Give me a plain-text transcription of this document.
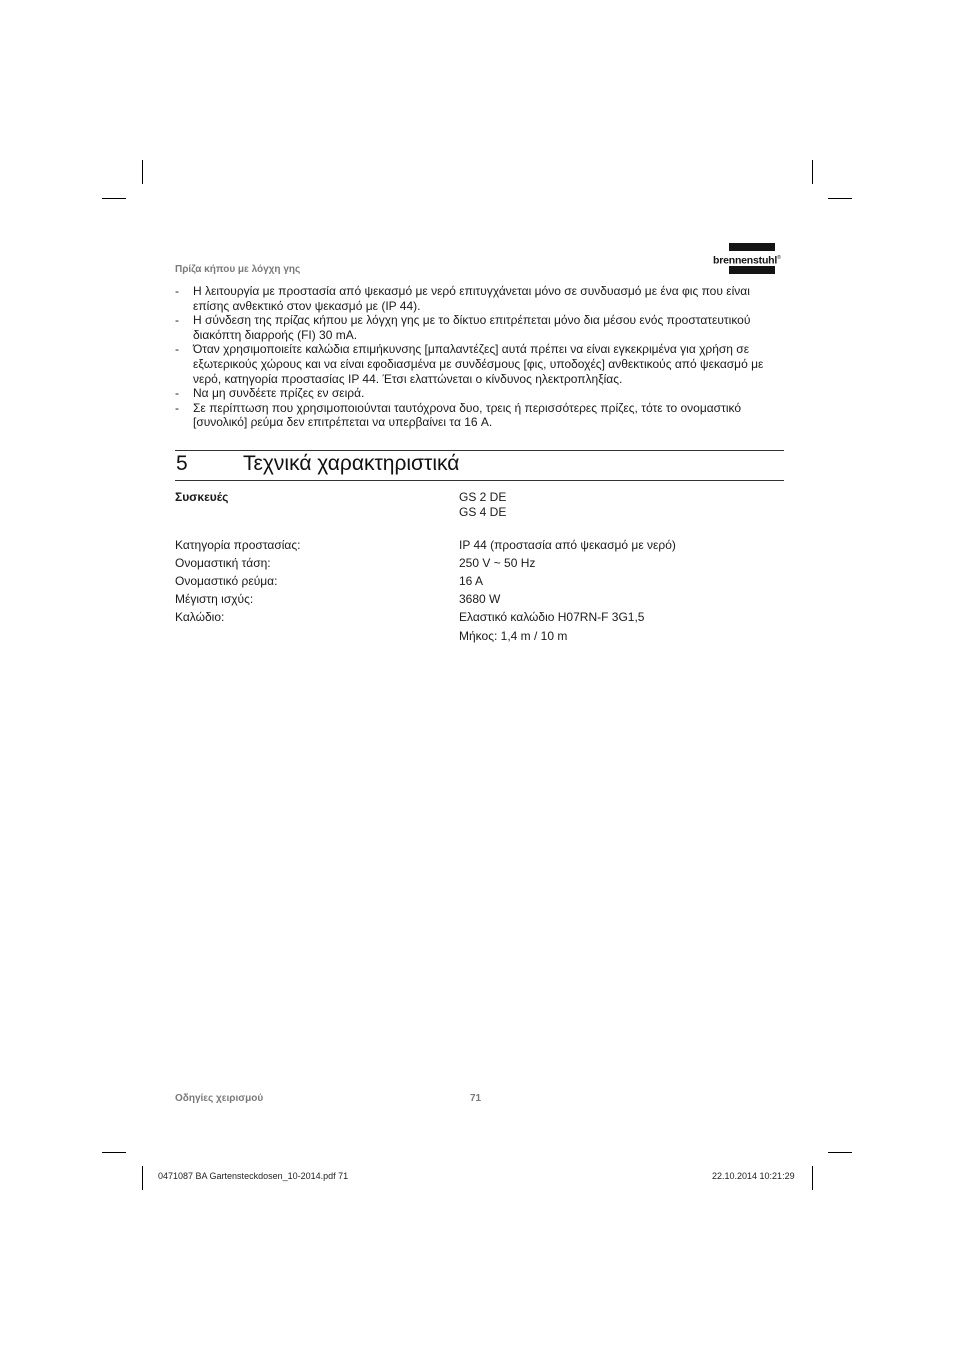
Πρίζα κήπου με λόγχη γης
brennenstuhl®
- Η λειτουργία με προστασία από ψεκασμό με νερό επιτυγχάνεται μόνο σε συνδυασμό με ένα φις που είναι επίσης ανθεκτικό στον ψεκασμό με (IP 44).
- Η σύνδεση της πρίζας κήπου με λόγχη γης με το δίκτυο επιτρέπεται μόνο δια μέσου ενός προστατευτικού διακόπτη διαρροής (FI) 30 mA.
- Όταν χρησιμοποιείτε καλώδια επιμήκυνσης [μπαλαντέζες] αυτά πρέπει να είναι εγκεκριμένα για χρήση σε εξωτερικούς χώρους και να είναι εφοδιασμένα με συνδέσμους [φις, υποδοχές] ανθεκτικούς από ψεκασμό με νερό, κατηγορία προστασίας IP 44. Έτσι ελαττώνεται ο κίνδυνος ηλεκτροπληξίας.
- Να μη συνδέετε πρίζες εν σειρά.
- Σε περίπτωση που χρησιμοποιούνται ταυτόχρονα δυο, τρεις ή περισσότερες πρίζες, τότε το ονομαστικό [συνολικό] ρεύμα δεν επιτρέπεται να υπερβαίνει τα 16 A.
5	Τεχνικά χαρακτηριστικά
Συσκευές	GS 2 DE
GS 4 DE
Κατηγορία προστασίας:	IP 44 (προστασία από ψεκασμό με νερό)
Ονομαστική τάση:	250 V ~ 50 Hz
Ονομαστικό ρεύμα:	16 A
Μέγιστη ισχύς:	3680 W
Καλώδιο:	Ελαστικό καλώδιο H07RN-F 3G1,5
Μήκος: 1,4 m / 10 m
Οδηγίες χειρισμού	71
0471087 BA Gartensteckdosen_10-2014.pdf 71	22.10.2014 10:21:29
